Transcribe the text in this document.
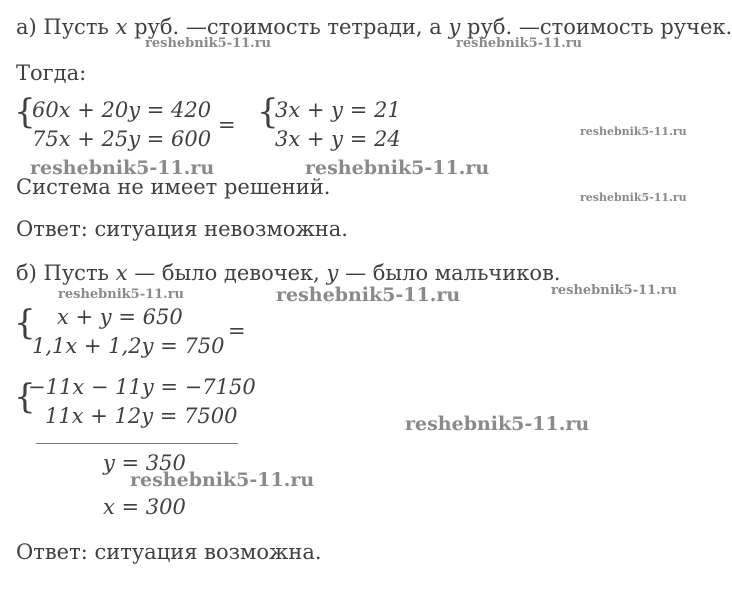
а) Пусть x руб. —стоимость тетради, а y руб. —стоимость ручек.
Тогда:
{
60x + 20y = 420
75x + 25y = 600
= {
3x + y = 21
3x + y = 24
Система не имеет решений.
Ответ: ситуация невозможна.
б) Пусть x — было девочек, y — было мальчиков.
{ x + y = 650
1,1x + 1,2y = 750
=
{
−11x − 11y = −7150
11x + 12y = 7500
y = 350
x = 300
Ответ: ситуация возможна.
reshebnik5-11.ru	reshebnik5-11.ru
reshebnik5-11.ru
reshebnik5-11.ru	reshebnik5-11.ru
reshebnik5-11.ru
reshebnik5-11.ru	reshebnik5-11.ru	reshebnik5-11.ru
reshebnik5-11.ru
reshebnik5-11.ru
